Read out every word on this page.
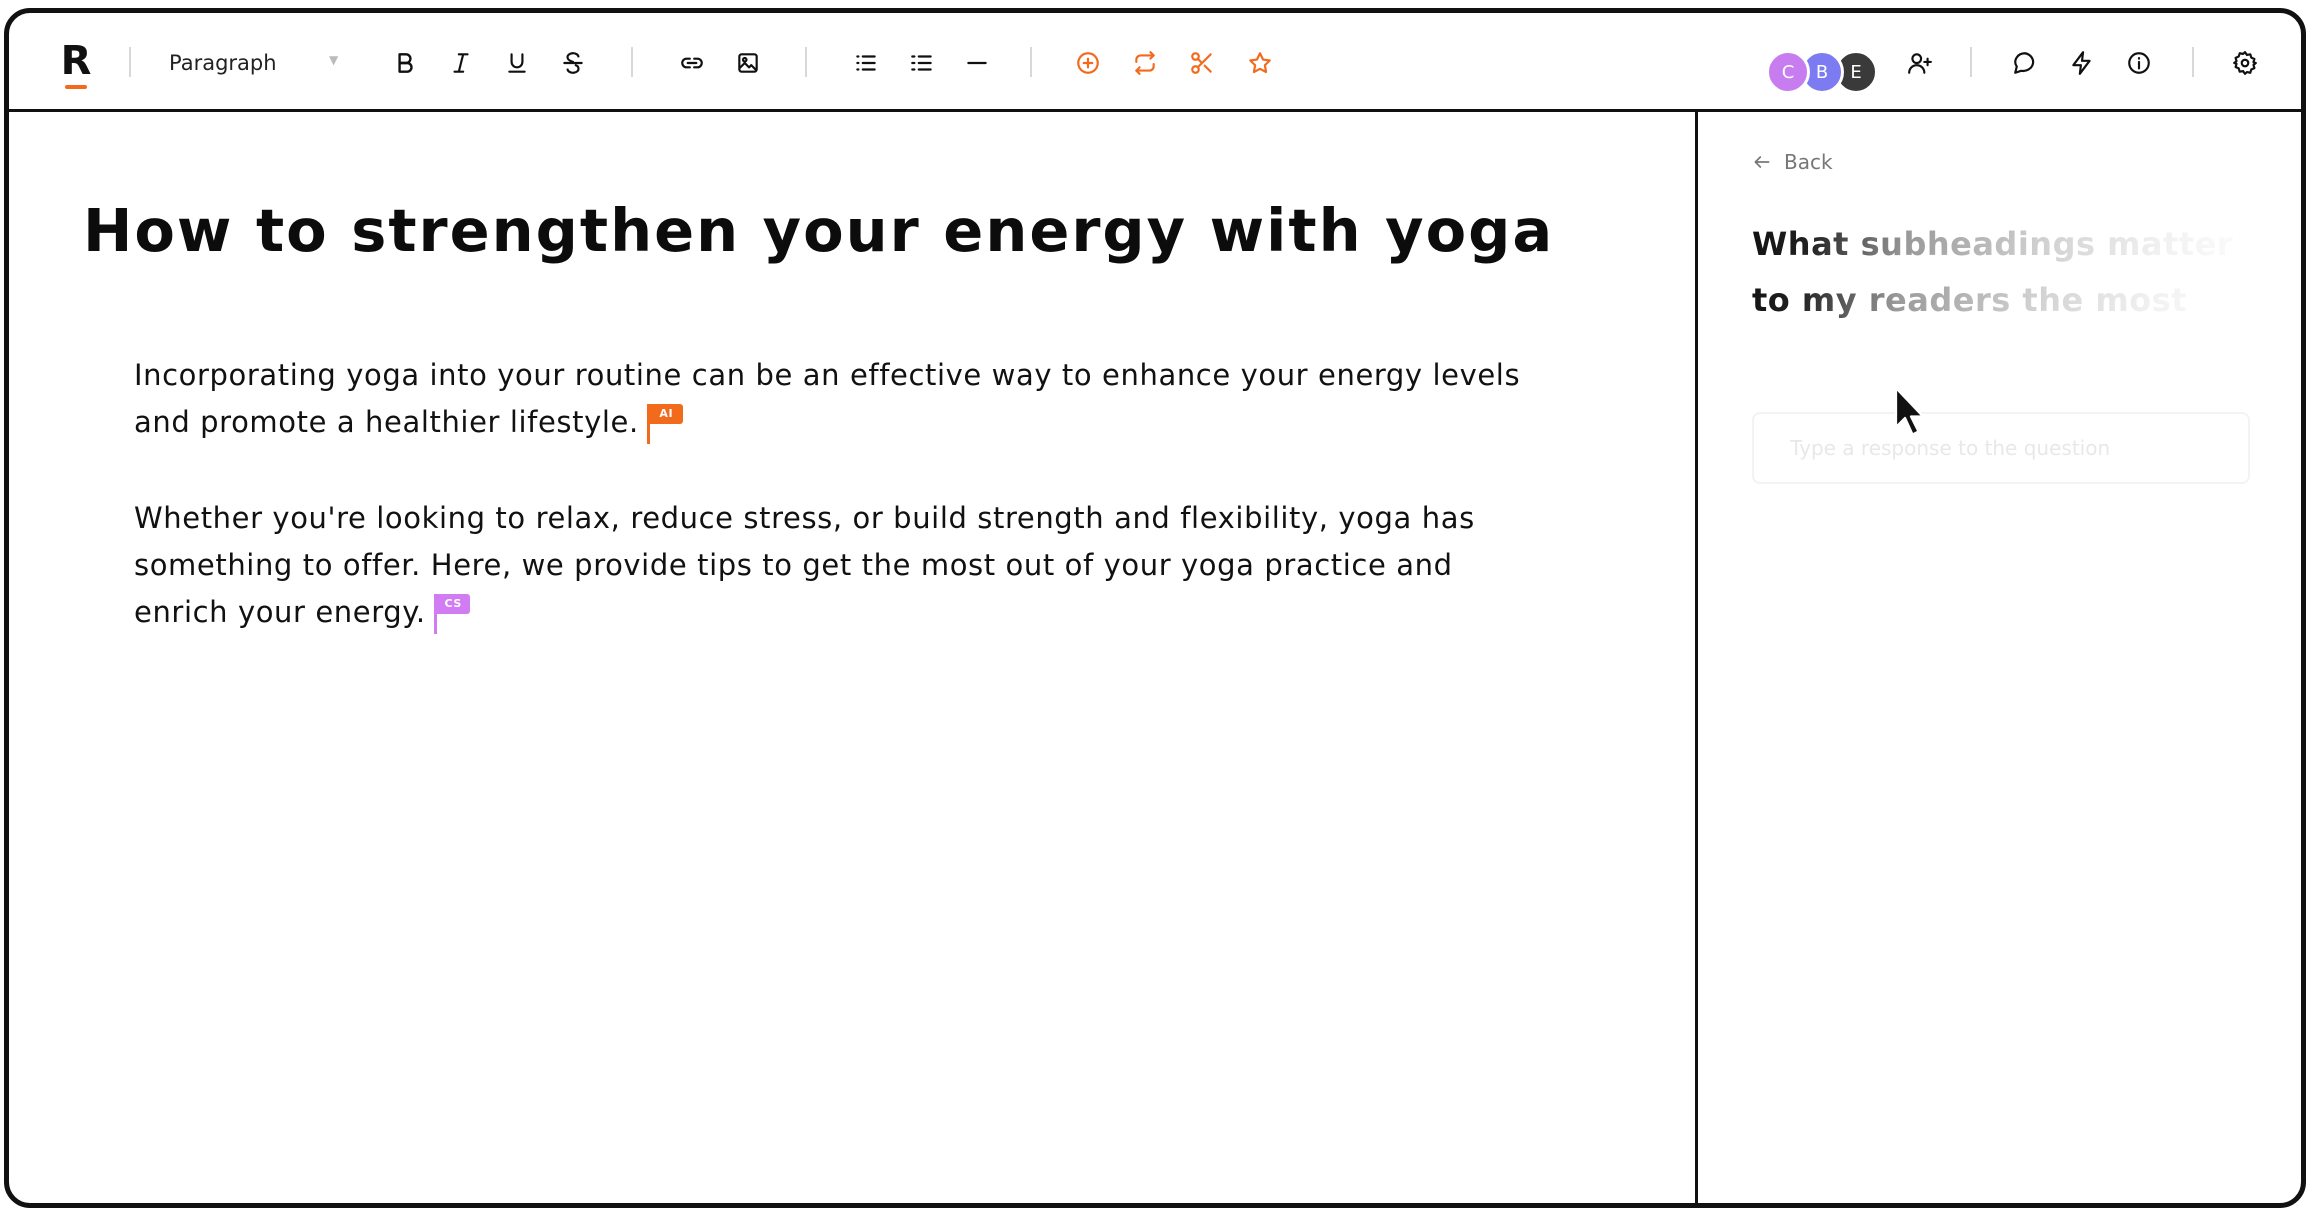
R	Paragraph	▼
C B E
How to strengthen your energy with yoga

Incorporating yoga into your routine can be an effective way to enhance your energy levels and promote a healthier lifestyle.	AI

Whether you're looking to relax, reduce stress, or build strength and flexibility, yoga has something to offer. Here, we provide tips to get the most out of your yoga practice and enrich your energy.	CS

Back
What subheadings matter to my readers the most
Type a response to the question
